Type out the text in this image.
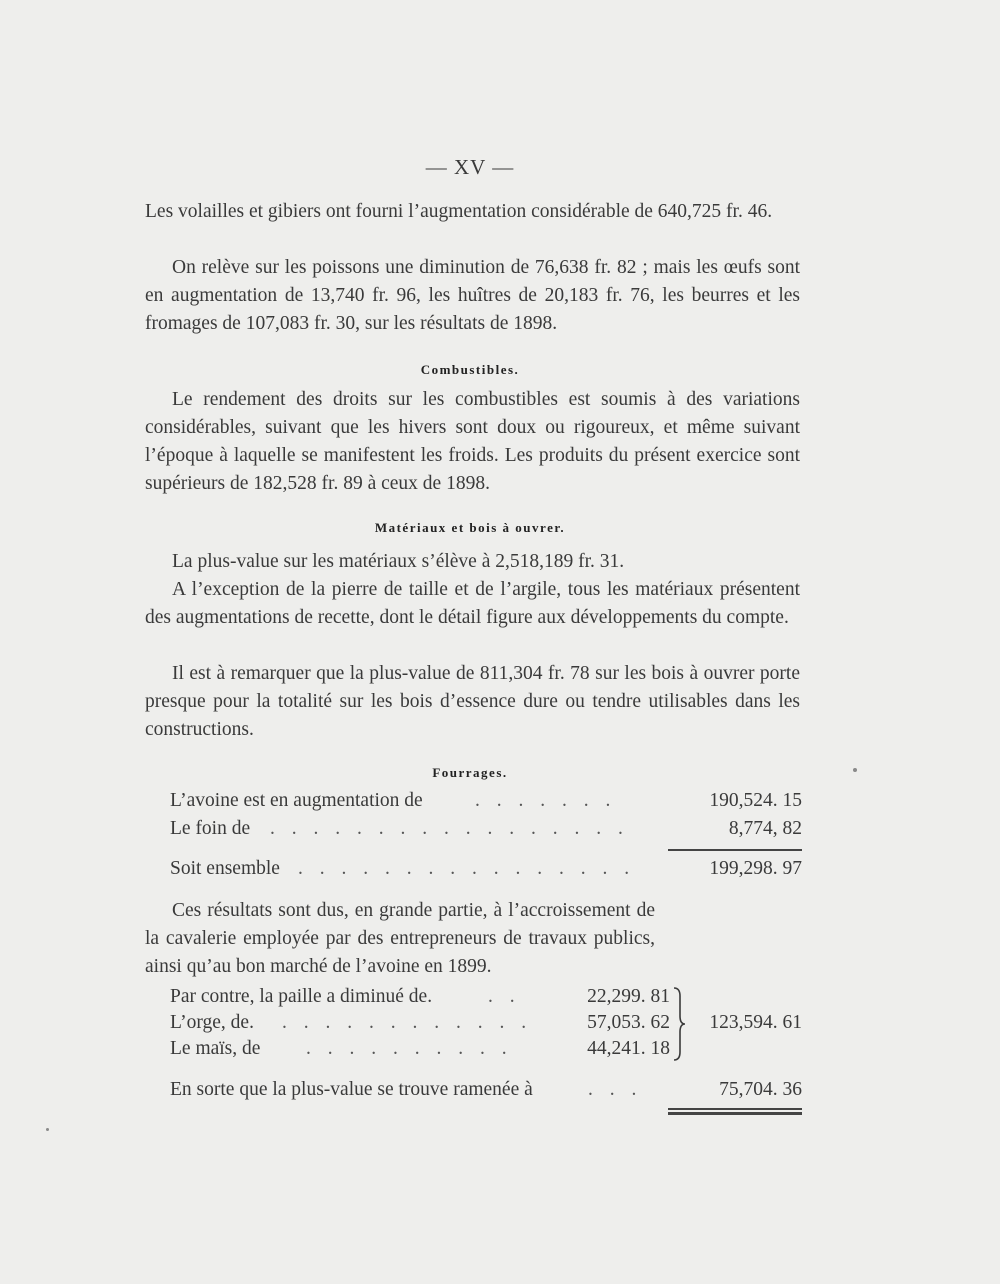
— XV —

Les volailles et gibiers ont fourni l’augmentation considérable de 640,725 fr. 46.

On relève sur les poissons une diminution de 76,638 fr. 82 ; mais les œufs sont en augmentation de 13,740 fr. 96, les huîtres de 20,183 fr. 76, les beurres et les fromages de 107,083 fr. 30, sur les résultats de 1898.

Combustibles.

Le rendement des droits sur les combustibles est soumis à des variations considérables, suivant que les hivers sont doux ou rigoureux, et même suivant l’époque à laquelle se manifestent les froids. Les produits du présent exercice sont supérieurs de 182,528 fr. 89 à ceux de 1898.

Matériaux et bois à ouvrer.

La plus-value sur les matériaux s’élève à 2,518,189 fr. 31.

A l’exception de la pierre de taille et de l’argile, tous les matériaux présentent des augmentations de recette, dont le détail figure aux développements du compte.

Il est à remarquer que la plus-value de 811,304 fr. 78 sur les bois à ouvrer porte presque pour la totalité sur les bois d’essence dure ou tendre utilisables dans les constructions.

Fourrages.
L’avoine est en augmentation de	. . . . . . .	190,524. 15
Le foin de . . . . . . . . . . . . . . . . .	8,774, 82
Soit ensemble . . . . . . . . . . . . . . . .	199,298. 97

Ces résultats sont dus, en grande partie, à l’accroissement de la cavalerie employée par des entrepreneurs de travaux publics, ainsi qu’au bon marché de l’avoine en 1899.

Par contre, la paille a diminué de.	. .	22,299. 81
L’orge, de. . . . . . . . . . . . .	57,053. 62
Le maïs, de . . . . . . . . . .	44,241. 18
123,594. 61
En sorte que la plus-value se trouve ramenée à	. . .	75,704. 36
